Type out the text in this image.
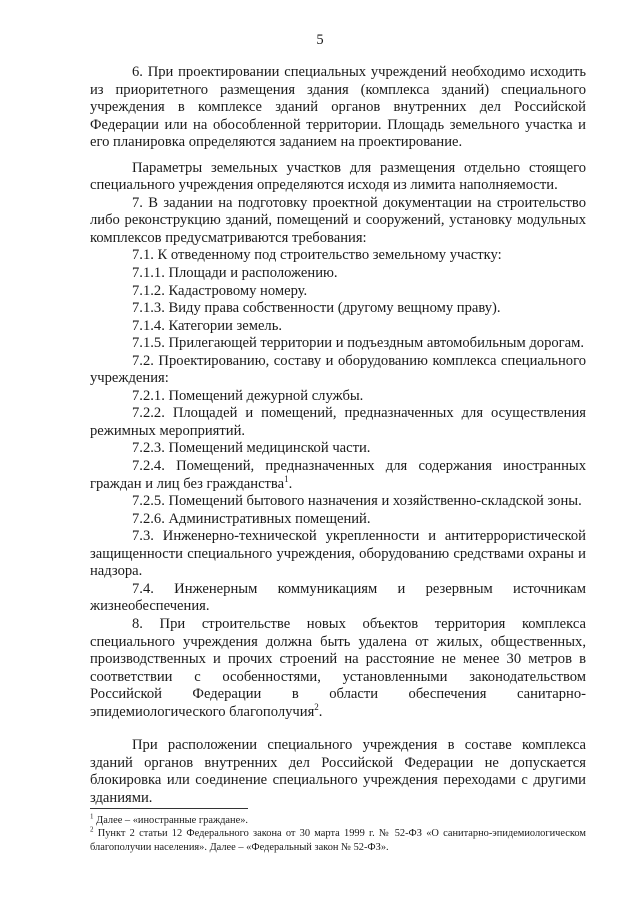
5

6. При проектировании специальных учреждений необходимо исходить из приоритетного размещения здания (комплекса зданий) специального учреждения в комплексе зданий органов внутренних дел Российской Федерации или на обособленной территории. Площадь земельного участка и его планировка определяются заданием на проектирование.

Параметры земельных участков для размещения отдельно стоящего специального учреждения определяются исходя из лимита наполняемости.

7. В задании на подготовку проектной документации на строительство либо реконструкцию зданий, помещений и сооружений, установку модульных комплексов предусматриваются требования:

7.1. К отведенному под строительство земельному участку:

7.1.1. Площади и расположению.

7.1.2. Кадастровому номеру.

7.1.3. Виду права собственности (другому вещному праву).

7.1.4. Категории земель.

7.1.5. Прилегающей территории и подъездным автомобильным дорогам.

7.2. Проектированию, составу и оборудованию комплекса специального учреждения:

7.2.1. Помещений дежурной службы.

7.2.2. Площадей и помещений, предназначенных для осуществления режимных мероприятий.

7.2.3. Помещений медицинской части.

7.2.4. Помещений, предназначенных для содержания иностранных граждан и лиц без гражданства$^1$.

7.2.5. Помещений бытового назначения и хозяйственно-складской зоны.

7.2.6. Административных помещений.

7.3. Инженерно-технической укрепленности и антитеррористической защищенности специального учреждения, оборудованию средствами охраны и надзора.

7.4. Инженерным коммуникациям и резервным источникам жизнеобеспечения.

8. При строительстве новых объектов территория комплекса специального учреждения должна быть удалена от жилых, общественных, производственных и прочих строений на расстояние не менее 30 метров в соответствии с особенностями, установленными законодательством Российской Федерации в области обеспечения санитарно-эпидемиологического благополучия$^2$.

При расположении специального учреждения в составе комплекса зданий органов внутренних дел Российской Федерации не допускается блокировка или соединение специального учреждения переходами с другими зданиями.

$^1$ Далее – «иностранные граждане».

$^2$ Пункт 2 статьи 12 Федерального закона от 30 марта 1999 г. № 52-ФЗ «О санитарно-эпидемиологическом благополучии населения». Далее – «Федеральный закон № 52-ФЗ».
